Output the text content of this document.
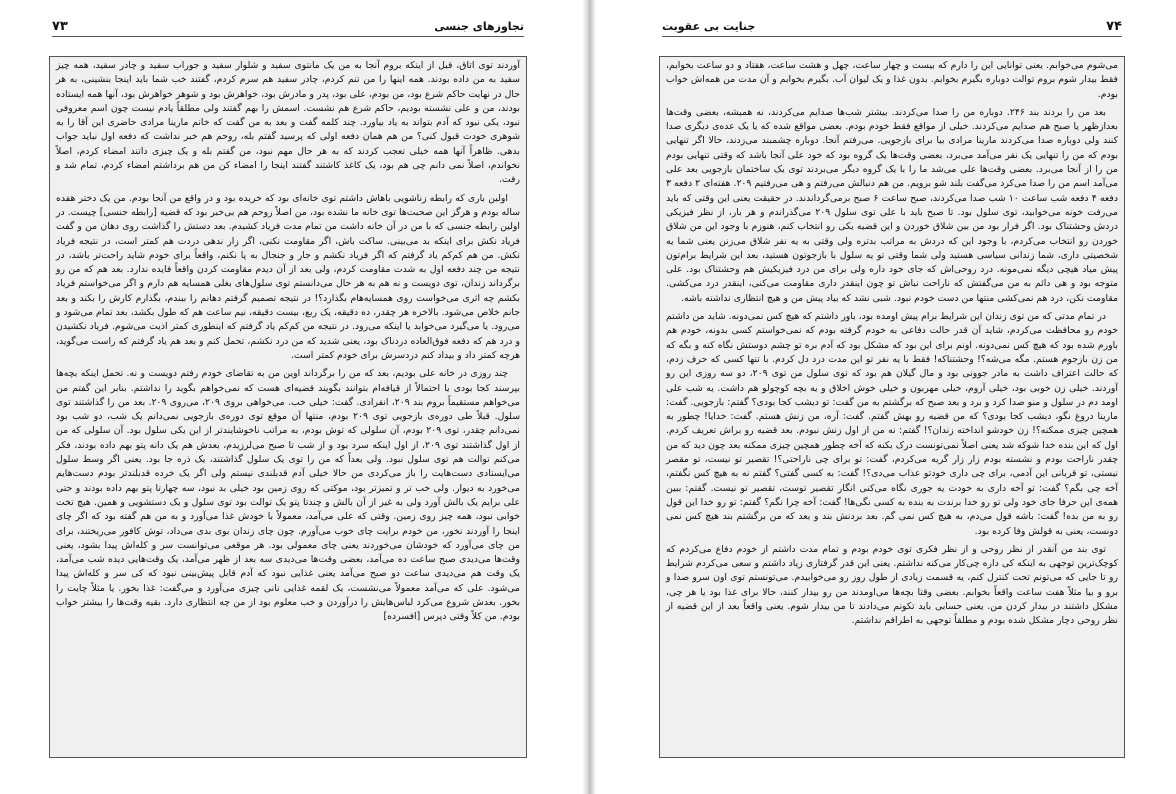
۷۳	تجاوزهای جنسی

آوردند توی اتاق، قبل از اینکه بروم آنجا به من یک مانتوی سفید و شلوار سفید و جوراب سفید و چادر سفید، همه چیز سفید به من داده بودند. همه اینها را من تنم کردم، چادر سفید هم سرم کردم، گفتند خب شما باید اینجا بنشینی، به هر حال در نهایت حاکم شرع بود، من بودم، علی بود، پدر و مادرش بود، خواهرش بود و شوهر خواهرش بود، آنها همه ایستاده بودند، من و علی نشسته بودیم، حاکم شرع هم نشست. اسمش را بهم گفتند ولی مطلقاً یادم نیست چون اسم معروفی نبود، یکی نبود که آدم بتواند به یاد بیاورد. چند کلمه گفت و بعد به من گفت که خانم مارینا مرادی حاضری این آقا را به شوهری خودت قبول کنی؟ من هم همان دفعه اولی که پرسید گفتم بله، روحم هم خبر نداشت که دفعه اول نباید جواب بدهی. ظاهراً آنها همه خیلی تعجب کردند که به هر حال مهم نبود، من گفتم بله و یک چیزی داتند امضاء کردم، اصلاً نخواندم، اصلاً نمی دانم چی هم بود، یک کاغذ کاشتند گفتند اینجا را امضاء کن من هم برداشتم امضاء کردم، تمام شد و رفت.

اولین باری که رابطه زناشویی باهاش داشتم توی خانه‌ای بود که خریده بود و در واقع من آنجا بودم. من یک دختر هفده ساله بودم و هرگز این صحبت‌ها توی خانه ما نشده بود، من اصلاً روحم هم بی‌خبر بود که قضیه [رابطه جنسی] چیست. در اولین رابطه جنسی که با من در آن خانه داشت من تمام مدت فریاد کشیدم. بعد دستش را گذاشت روی دهان من و گفت فریاد نکش برای اینکه بد می‌بینی. ساکت باش، اگر مقاومت نکنی، اگر زار ندهی دردت هم کمتر است، در نتیجه فریاد نکش. من هم کم‌کم یاد گرفتم که اگر فریاد نکشم و جار و جنجال به پا نکنم، واقعاً برای خودم شاید راحت‌تر باشد، در نتیجه من چند دفعه اول به شدت مقاومت کردم، ولی بعد از آن دیدم مقاومت کردن واقعاً فایده ندارد. بعد هم که من رو برگرداند زندان، توی دویست و نه هم به هر حال می‌دانستم توی سلول‌های بغلی همسایه هم دارم و اگر می‌خواستم فریاد بکشم چه اثری می‌خواست روی همسایه‌هام بگذارد؟! در نتیجه تصمیم گرفتم دهانم را ببندم، بگذارم کارش را بکند و بعد جانم خلاص می‌شود. بالاخره هر چقدر، ده دقیقه، یک ربع، بیست دقیقه، نیم ساعت هم که طول بکشد، بعد تمام می‌شود و می‌رود. یا می‌گیرد می‌خوابد یا اینکه می‌رود. در نتیجه من کم‌کم یاد گرفتم که اینطوری کمتر اذیت می‌شوم. فریاد نکشیدن و درد هم که دفعه فوق‌العاده دردناک بود، یعنی شدید که من درد نکشم، تحمل کنم و بعد هم یاد گرفتم که راست می‌گوید، هرچه کمتر داد و بیداد کنم دردسرش برای خودم کمتر است.

چند روزی در خانه علی بودیم، بعد که من را برگرداند اوین من به تقاضای خودم رفتم دویست و نه. تحمل اینکه بچه‌ها بپرسند کجا بودی یا احتمالاً از قیافه‌ام بتوانند بگویند قضیه‌ای هست که نمی‌خواهم بگوید را نداشتم. بنابر این گفتم من می‌خواهم مستقیماً بروم بند ۲۰۹، انفرادی. گفت: خیلی خب. می‌خواهی بروی ۲۰۹، می‌روی ۲۰۹. بعد من را گذاشتند توی سلول. قبلاً طی دوره‌ی بازجویی توی ۲۰۹ بودم، منتها آن موقع توی دوره‌ی بازجویی نمی‌دانم یک شب، دو شب بود نمی‌دانم چقدر، توی ۲۰۹ بودم، آن سلولی که توش بودم، به مراتب ناخوشایندتر از این یکی سلول بود. آن سلولی که من از اول گذاشتند توی ۲۰۹، از اول اینکه سرد بود و از شب تا صبح می‌لرزیدم، بعدش هم یک دانه پتو بهم داده بودند، فکر می‌کنم توالت هم توی سلول نبود. ولی بعداً که من را توی یک سلول گذاشتند، یک ذره جا بود. یعنی اگر وسط سلول می‌ایستادی دست‌هایت را باز می‌کردی من حالا خیلی آدم قدبلندی نیستم ولی اگر یک خرده قدبلندتر بودم دست‌هایم می‌خورد به دیوار. ولی خب تر و تمیزتر بود، موکتی که روی زمین بود خیلی بد نبود، سه چهارتا پتو بهم داده بودند و حتی علی برایم یک بالش آورد ولی به غیر از آن بالش و چندتا پتو یک توالت بود توی سلول و یک دستشویی و همین. هیچ تخت خوابی نبود، همه چیز روی زمین. وقتی که علی می‌آمد، معمولاً با خودش غذا می‌آورد و به من هم گفته بود که اگر چای اینجا را آوردند نخور، من خودم برایت چای خوب می‌آورم. چون چای زندان بوی بدی می‌داد، توش کافور می‌ریختند، برای من چای می‌آورد که خودشان می‌خوردند یعنی چای معمولی بود. هر موقعی می‌توانست سر و کله‌اش پیدا بشود، یعنی وقت‌ها می‌دیدی صبح ساعت ده می‌آمد، بعضی وقت‌ها می‌دیدی سه بعد از ظهر می‌آمد، یک وقت‌هایی دیده شب می‌آمد، یک وقت هم می‌دیدی ساعت دو صبح می‌آمد یعنی غذایی نبود که آدم قابل پیش‌بینی نبود که کی سر و کله‌اش پیدا می‌شود. علی که می‌آمد معمولاً می‌نشست، یک لقمه غذایی نانی چیزی می‌آورد و می‌گفت: غذا بخور. یا مثلاً چایت را بخور. بعدش شروع می‌کرد لباس‌هایش را درآوردن و خب معلوم بود از من چه انتظاری دارد. بقیه وقت‌ها را بیشتر خواب بودم. من کلاً وقتی دپرس [افسرده]

جنایت بی عقوبت	۷۴

می‌شوم می‌خوابم. یعنی توانایی این را دارم که بیست و چهار ساعت، چهل و هشت ساعت، هفتاد و دو ساعت بخوابم، فقط بیدار شوم بروم توالت دوباره بگیرم بخوابم. بدون غذا و یک لیوان آب. بگیرم بخوابم و آن مدت من همه‌اش خواب بودم.

بعد من را بردند بند ۲۴۶. دوباره من را صدا می‌کردند. بیشتر شب‌ها صدایم می‌کردند، نه همیشه، بعضی وقت‌ها بعدازظهر یا صبح هم صدایم می‌کردند. خیلی از مواقع فقط خودم بودم. بعضی مواقع شده که یا یک عده‌ی دیگری صدا کنند ولی دوباره صدا می‌کردند مارینا مرادی بیا برای بازجویی. می‌رفتم آنجا. دوباره چشمبند می‌زدند، حالا اگر تنهایی بودم که من را تنهایی یک نفر می‌آمد می‌برد، بعضی وقت‌ها یک گروه بود که خود علی آنجا باشد که وقتی تنهایی بودم من را از آنجا می‌برد. بعضی وقت‌ها علی می‌شد ما را با یک گروه دیگر می‌بردند توی یک ساختمان بازجویی بعد علی می‌آمد اسم من را صدا می‌کرد می‌گفت بلند شو برویم. من هم دنبالش می‌رفتم و هی می‌رفتیم ۲۰۹. هفته‌ای ۲ دفعه ۳ دفعه ۴ دفعه شب ساعت ۱۰ شب صدا می‌کردند، صبح ساعت ۶ صبح برمی‌گرداندند. در حقیقت یعنی این وقتی که باید می‌رفت خونه می‌خوابید، توی سلول بود. تا صبح باید با علی توی سلول ۲۰۹ می‌گذراندم و هر بار، از نظر فیزیکی دردش وحشتناک بود. اگر فرار بود من بین شلاق خوردن و این قضیه یکی رو انتخاب کنم، هنوزم با وجود این من شلاق خوردن رو انتخاب می‌کردم، با وجود این که دردش به مراتب بدتره ولی وقتی به یه نفر شلاق می‌زنن یعنی شما یه شخصیتی داری، شما زندانی سیاسی هستید ولی شما وقتی تو یه سلول با بازجوتون هستید، بعد این شرایط برام‌تون پیش میاد هیچی دیگه نمی‌مونه. درد روحی‌اش که جای خود داره ولی برای من درد فیزیکیش هم وحشتناک بود. علی متوجه بود و هی دائم به من می‌گفتش که ناراحت نباش تو چون اینقدر داری مقاومت می‌کنی، اینقدر درد می‌کشی. مقاومت نکن، درد هم نمی‌کشی منتها من دست خودم نبود. شبی نشد که بیاد پیش من و هیچ انتظاری نداشته باشه.

در تمام مدتی که من توی زندان این شرایط برام پیش اومده بود، باور داشتم که هیچ کس نمی‌دونه. شاید من داشتم خودم رو محافظت می‌کردم، شاید آن قدر حالت دفاعی به خودم گرفته بودم که نمی‌خواستم کسی بدونه، خودم هم باورم شده بود که هیچ کس نمی‌دونه. اونم برای این بود که مشکل بود که آدم بره تو چشم دوستش نگاه کنه و بگه که من زن بازجوم هستم. مگه می‌شه؟! وحشتناکه! فقط با یه نفر تو این مدت درد دل کردم. با تنها کسی که حرف زدم، که حالت اعتراف داشت به مادر جوونی بود و مال گیلان هم بود که توی سلول من توی ۲۰۹، دو سه روزی این رو آوردند. خیلی زن خوبی بود، خیلی آروم، خیلی مهربون و خیلی خوش اخلاق و یه بچه کوچولو هم داشت. یه شب علی اومد دم در سلول و منو صدا کرد و برد و بعد صبح که برگشتم به من گفت: تو دیشب کجا بودی؟ گفتم: بازجویی. گفت: مارینا دروغ نگو، دیشب کجا بودی؟ که من قضیه رو بهش گفتم. گفت: آره، من زنش هستم. گفت: خدایا! چطور به همچین چیزی ممکنه؟! زن خودشو انداخته زندان؟! گفتم: نه من از اول زنش نبودم. بعد قضیه رو براش تعریف کردم. اول که این بنده خدا شوکه شد یعنی اصلاً نمی‌تونست درک بکنه که آخه چطور همچین چیزی ممکنه بعد چون دید که من چقدر ناراحت بودم و نشسته بودم زار زار گریه می‌کردم، گفت: تو برای چی ناراحتی؟! تقصیر تو نیست، تو مقصر نیستی، تو قربانی این آدمی، برای چی داری خودتو عذاب می‌دی؟! گفت: به کسی گفتی؟ گفتم نه به هیچ کس نگفتم، آخه چی بگم؟ گفت: تو آخه داری به خودت یه جوری نگاه می‌کنی انگار تقصیر توست، تقصیر تو نیست. گفتم: ببین همه‌ی این حرفا جای خود ولی تو رو خدا برندت به بنده به کسی نگی‌ها! گفت: آخه چرا نگم؟ گفتم: تو رو خدا این قول رو به من بده! گفت: باشه قول می‌دم، به هیچ کس نمی گم. بعد بردنش بند و بعد که من برگشتم بند هیچ کس نمی دونست، یعنی به قولش وفا کرده بود.

توی بند من آنقدر از نظر روحی و از نظر فکری توی خودم بودم و تمام مدت داشتم از خودم دفاع می‌کردم که کوچک‌ترین توجهی به اینکه کی داره چی‌کار می‌کنه نداشتم. یعنی این قدر گرفتاری زیاد داشتم و سعی می‌کردم شرایط رو تا جایی که می‌تونم تحت کنترل کنم، یه قسمت زیادی از طول روز رو می‌خوابیدم. می‌تونستم توی اون سرو صدا و برو و بیا مثلاً هفت ساعت واقعاً بخوابم. بعضی وقتا بچه‌ها می‌اومدند من رو بیدار کنند، حالا برای غذا بود یا هر چی، مشکل داشتند در بیدار کردن من. یعنی حسابی باید تکونم می‌دادند تا من بیدار شوم. یعنی واقعاً بعد از این قضیه از نظر روحی دچار مشکل شده بودم و مطلقاً توجهی به اطرافم نداشتم.
